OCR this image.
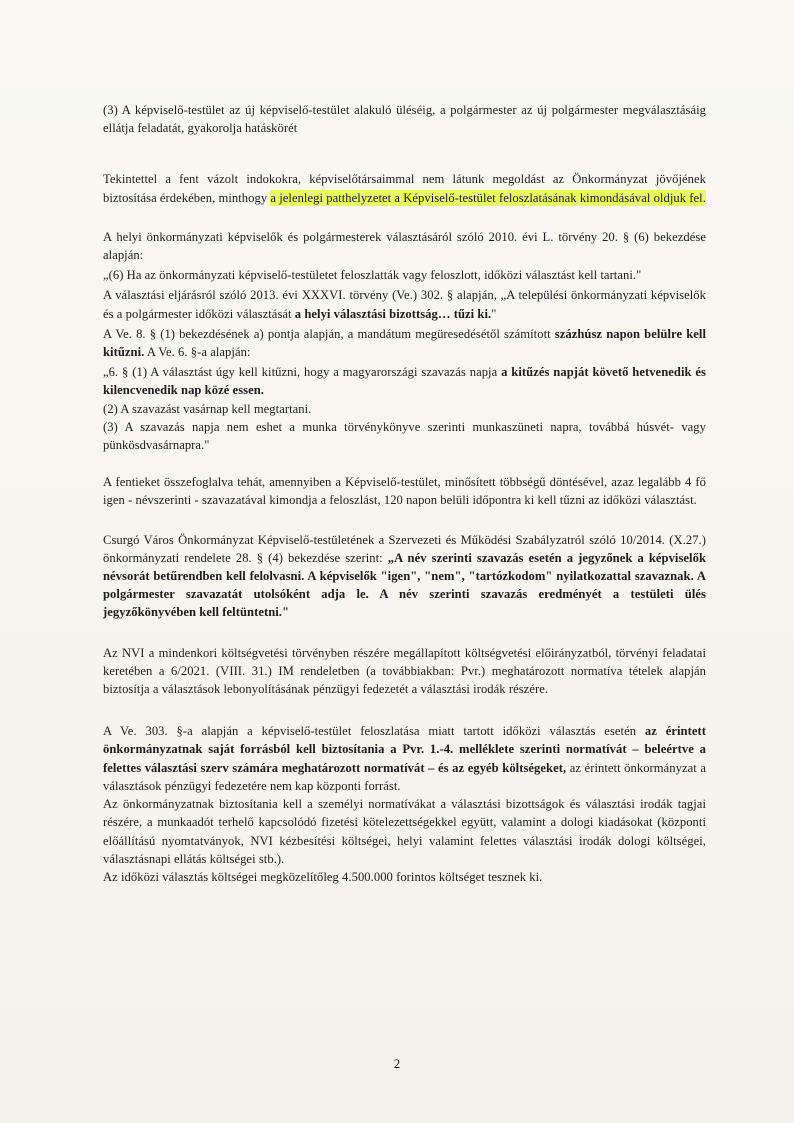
(3) A képviselő-testület az új képviselő-testület alakuló üléséig, a polgármester az új polgármester megválasztásáig ellátja feladatát, gyakorolja hatáskörét

Tekintettel a fent vázolt indokokra, képviselőtársaimmal nem látunk megoldást az Önkormányzat jövőjének biztosítása érdekében, minthogy a jelenlegi patthelyzetet a Képviselő-testület feloszlatásának kimondásával oldjuk fel.

A helyi önkormányzati képviselők és polgármesterek választásáról szóló 2010. évi L. törvény 20. § (6) bekezdése alapján:

„(6) Ha az önkormányzati képviselő-testületet feloszlatták vagy feloszlott, időközi választást kell tartani."

A választási eljárásról szóló 2013. évi XXXVI. törvény (Ve.) 302. § alapján, „A települési önkormányzati képviselők és a polgármester időközi választását a helyi választási bizottság… tűzi ki."

A Ve. 8. § (1) bekezdésének a) pontja alapján, a mandátum megüresedésétől számított százhúsz napon belülre kell kitűzni. A Ve. 6. §-a alapján:

„6. § (1) A választást úgy kell kitűzni, hogy a magyarországi szavazás napja a kitűzés napját követő hetvenedik és kilencvenedik nap közé essen.

(2) A szavazást vasárnap kell megtartani.

(3) A szavazás napja nem eshet a munka törvénykönyve szerinti munkaszüneti napra, továbbá húsvét- vagy pünkösdvasárnapra."

A fentieket összefoglalva tehát, amennyiben a Képviselő-testület, minősített többségű döntésével, azaz legalább 4 fő igen - névszerinti - szavazatával kimondja a feloszlást, 120 napon belüli időpontra ki kell tűzni az időközi választást.

Csurgó Város Önkormányzat Képviselő-testületének a Szervezeti és Működési Szabályzatról szóló 10/2014. (X.27.) önkormányzati rendelete 28. § (4) bekezdése szerint: „A név szerinti szavazás esetén a jegyzőnek a képviselők névsorát betűrendben kell felolvasni. A képviselők "igen", "nem", "tartózkodom" nyilatkozattal szavaznak. A polgármester szavazatát utolsóként adja le. A név szerinti szavazás eredményét a testületi ülés jegyzőkönyvében kell feltüntetni."

Az NVI a mindenkori költségvetési törvényben részére megállapított költségvetési előirányzatból, törvényi feladatai keretében a 6/2021. (VIII. 31.) IM rendeletben (a továbbiakban: Pvr.) meghatározott normatíva tételek alapján biztosítja a választások lebonyolításának pénzügyi fedezetét a választási irodák részére.

A Ve. 303. §-a alapján a képviselő-testület feloszlatása miatt tartott időközi választás esetén az érintett önkormányzatnak saját forrásból kell biztosítania a Pvr. 1.-4. melléklete szerinti normatívát – beleértve a felettes választási szerv számára meghatározott normatívát – és az egyéb költségeket, az érintett önkormányzat a választások pénzügyi fedezetére nem kap központi forrást.

Az önkormányzatnak biztosítania kell a személyi normatívákat a választási bizottságok és választási irodák tagjai részére, a munkaadót terhelő kapcsolódó fizetési kötelezettségekkel együtt, valamint a dologi kiadásokat (központi előállítású nyomtatványok, NVI kézbesítési költségei, helyi valamint felettes választási irodák dologi költségei, választásnapi ellátás költségei stb.).

Az időközi választás költségei megközelítőleg 4.500.000 forintos költséget tesznek ki.

2
